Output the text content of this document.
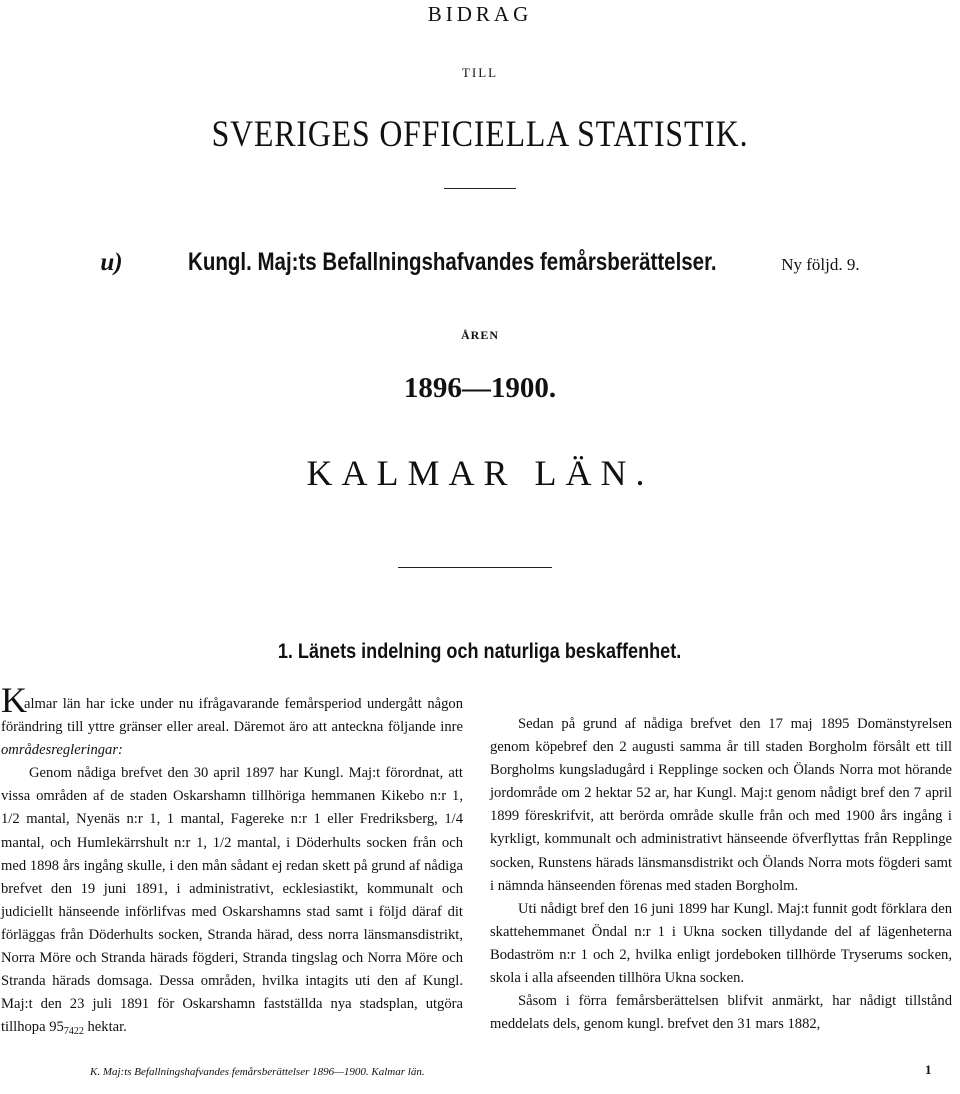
BIDRAG
TILL
SVERIGES OFFICIELLA STATISTIK.
u)	Kungl. Maj:ts Befallningshafvandes femårsberättelser.	Ny följd. 9.
ÅREN
1896—1900.
KALMAR LÄN.
1. Länets indelning och naturliga beskaffenhet.

Kalmar län har icke under nu ifrågavarande femårsperiod undergått någon förändring till yttre gränser eller areal. Däremot äro att anteckna följande inre områdesregleringar:

Genom nådiga brefvet den 30 april 1897 har Kungl. Maj:t förordnat, att vissa områden af de staden Oskarshamn tillhöriga hemmanen Kikebo n:r 1, 1/2 mantal, Nyenäs n:r 1, 1 mantal, Fagereke n:r 1 eller Fredriksberg, 1/4 mantal, och Humlekärrshult n:r 1, 1/2 mantal, i Döderhults socken från och med 1898 års ingång skulle, i den mån sådant ej redan skett på grund af nådiga brefvet den 19 juni 1891, i administrativt, ecklesiastikt, kommunalt och judiciellt hänseende införlifvas med Oskarshamns stad samt i följd däraf dit förläggas från Döderhults socken, Stranda härad, dess norra länsmansdistrikt, Norra Möre och Stranda härads fögderi, Stranda tingslag och Norra Möre och Stranda härads domsaga. Dessa områden, hvilka intagits uti den af Kungl. Maj:t den 23 juli 1891 för Oskarshamn fastställda nya stadsplan, utgöra tillhopa $95_{7422}$ hektar.

Sedan på grund af nådiga brefvet den 17 maj 1895 Domänstyrelsen genom köpebref den 2 augusti samma år till staden Borgholm försålt ett till Borgholms kungsladugård i Repplinge socken och Ölands Norra mot hörande jordområde om 2 hektar 52 ar, har Kungl. Maj:t genom nådigt bref den 7 april 1899 föreskrifvit, att berörda område skulle från och med 1900 års ingång i kyrkligt, kommunalt och administrativt hänseende öfverflyttas från Repplinge socken, Runstens härads länsmansdistrikt och Ölands Norra mots fögderi samt i nämnda hänseenden förenas med staden Borgholm.

Uti nådigt bref den 16 juni 1899 har Kungl. Maj:t funnit godt förklara den skattehemmanet Öndal n:r 1 i Ukna socken tillydande del af lägenheterna Bodaström n:r 1 och 2, hvilka enligt jordeboken tillhörde Tryserums socken, skola i alla afseenden tillhöra Ukna socken.

Såsom i förra femårsberättelsen blifvit anmärkt, har nådigt tillstånd meddelats dels, genom kungl. brefvet den 31 mars 1882,

K. Maj:ts Befallningshafvandes femårsberättelser 1896—1900. Kalmar län.	1
